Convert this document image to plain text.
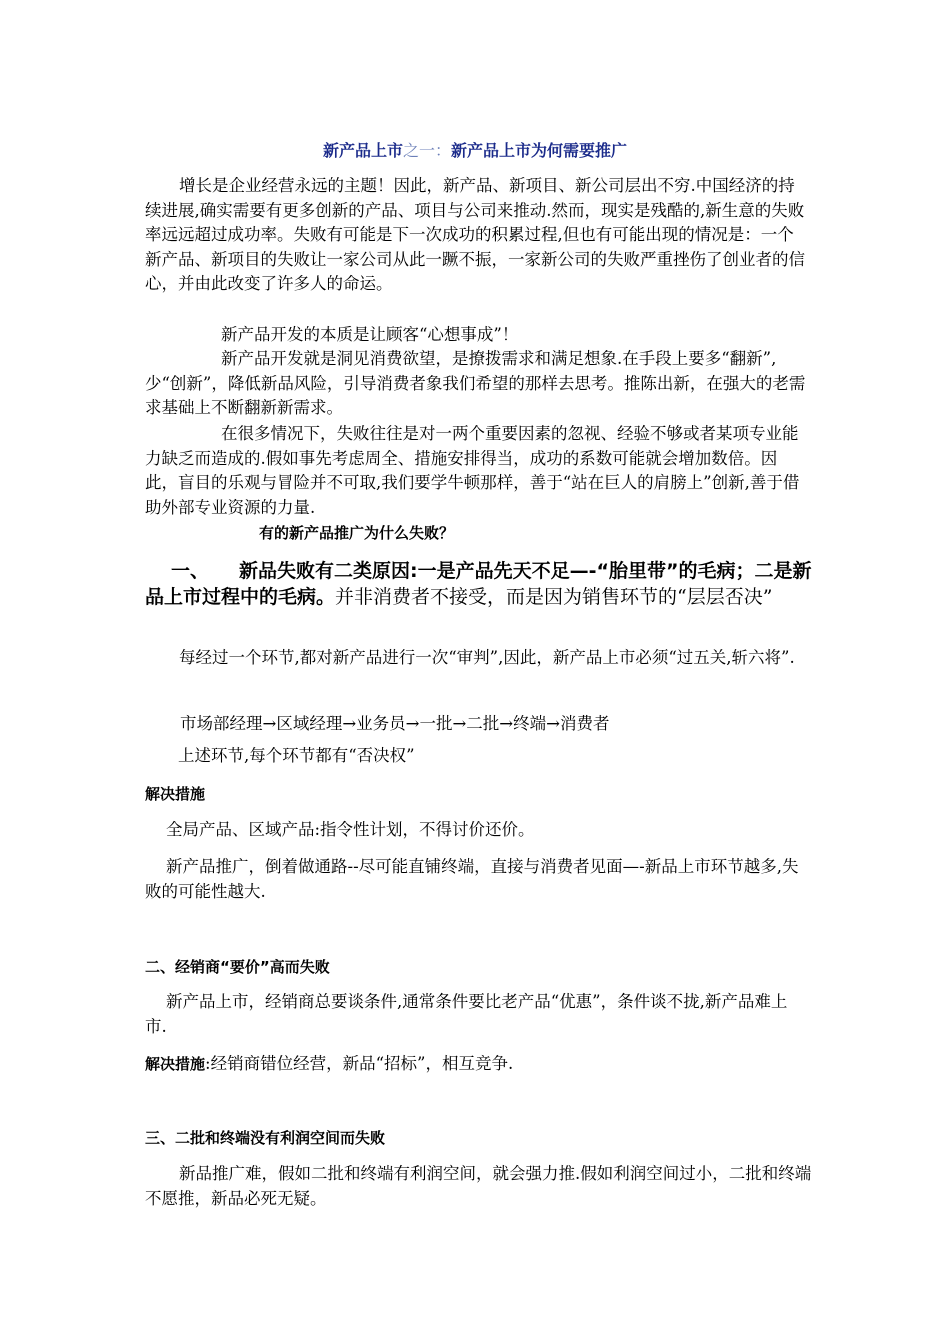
新产品上市之一：新产品上市为何需要推广

增长是企业经营永远的主题！因此，新产品、新项目、新公司层出不穷.中国经济的持续进展,确实需要有更多创新的产品、项目与公司来推动.然而，现实是残酷的,新生意的失败率远远超过成功率。失败有可能是下一次成功的积累过程,但也有可能出现的情况是：一个新产品、新项目的失败让一家公司从此一蹶不振，一家新公司的失败严重挫伤了创业者的信心，并由此改变了许多人的命运。

新产品开发的本质是让顾客“心想事成”！

新产品开发就是洞见消费欲望，是撩拨需求和满足想象.在手段上要多“翻新”,少“创新”，降低新品风险，引导消费者象我们希望的那样去思考。推陈出新，在强大的老需求基础上不断翻新新需求。

在很多情况下，失败往往是对一两个重要因素的忽视、经验不够或者某项专业能力缺乏而造成的.假如事先考虑周全、措施安排得当，成功的系数可能就会增加数倍。因此，盲目的乐观与冒险并不可取,我们要学牛顿那样，善于“站在巨人的肩膀上”创新,善于借助外部专业资源的力量.

有的新产品推广为什么失败？

一、 新品失败有二类原因:一是产品先天不足—-“胎里带”的毛病；二是新品上市过程中的毛病。并非消费者不接受，而是因为销售环节的“层层否决”

每经过一个环节,都对新产品进行一次“审判”,因此，新产品上市必须“过五关,斩六将”.

市场部经理→区域经理→业务员→一批→二批→终端→消费者

上述环节,每个环节都有“否决权”

解决措施

全局产品、区域产品:指令性计划，不得讨价还价。

新产品推广，倒着做通路--尽可能直铺终端，直接与消费者见面—-新品上市环节越多,失败的可能性越大.

二、经销商“要价”高而失败

新产品上市，经销商总要谈条件,通常条件要比老产品“优惠”，条件谈不拢,新产品难上市.

解决措施:经销商错位经营，新品“招标”，相互竞争.

三、二批和终端没有利润空间而失败

新品推广难，假如二批和终端有利润空间，就会强力推.假如利润空间过小，二批和终端不愿推，新品必死无疑。
